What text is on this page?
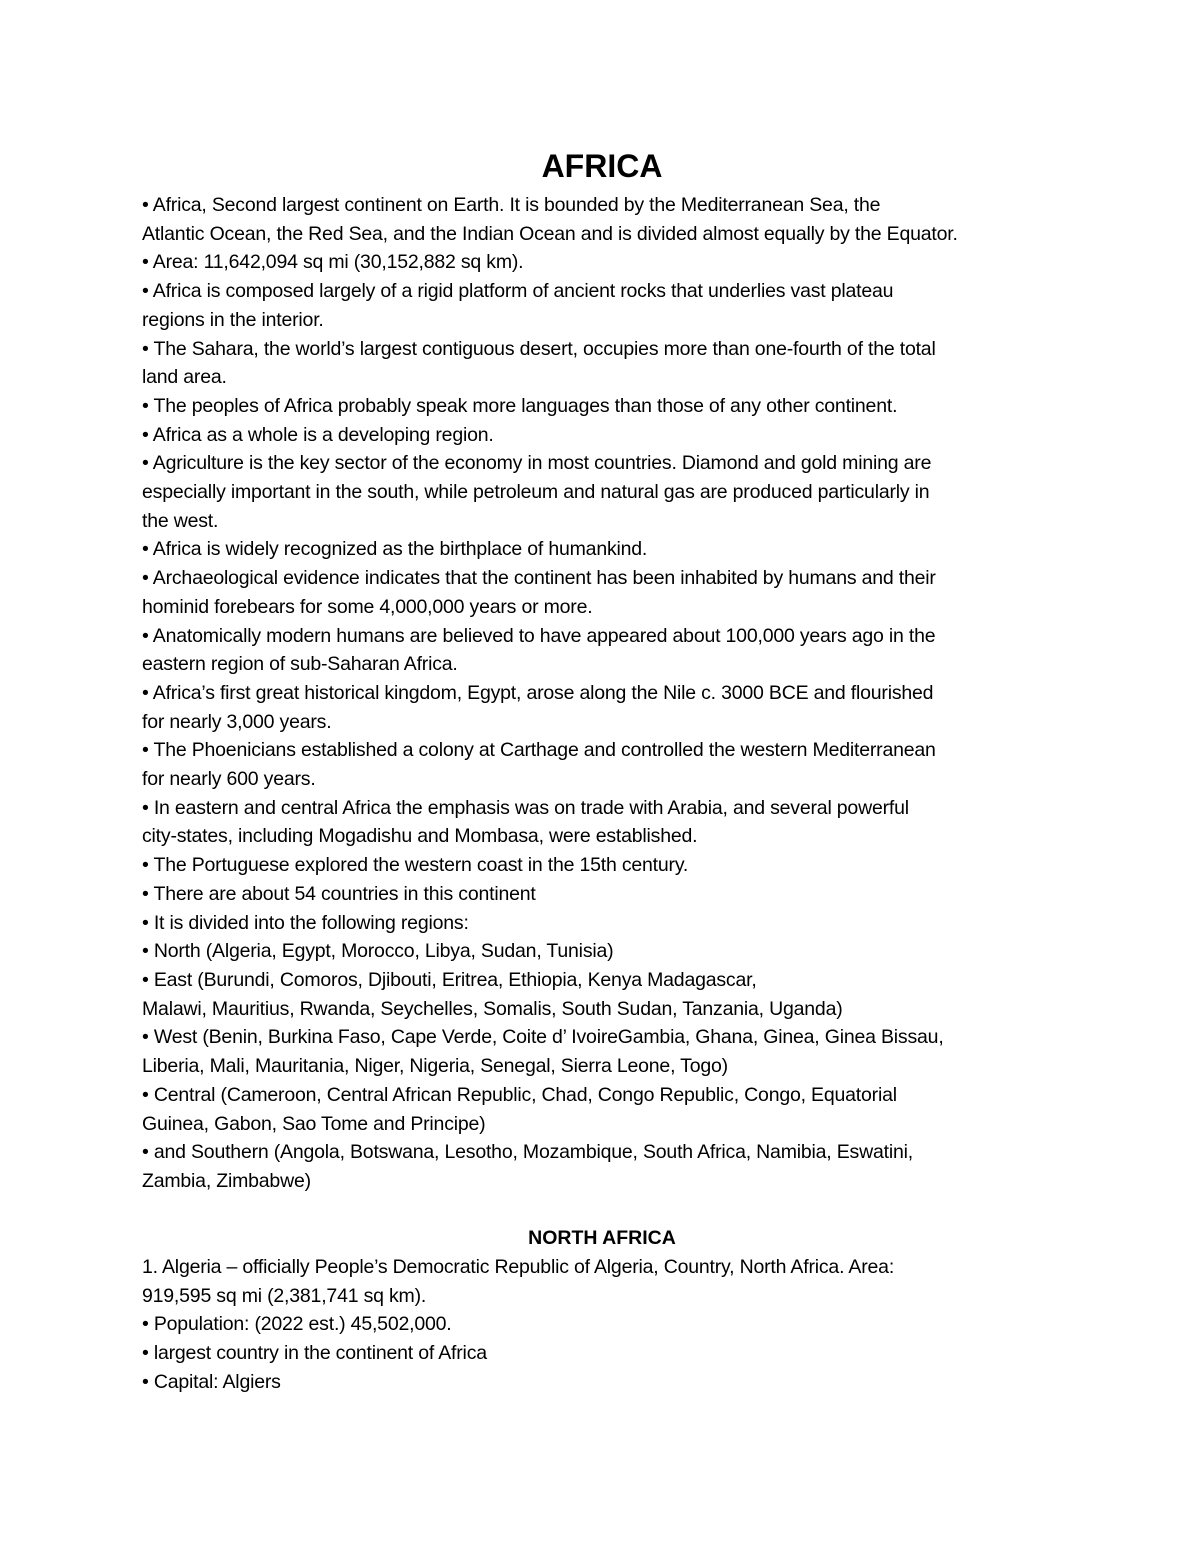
AFRICA
• Africa, Second largest continent on Earth. It is bounded by the Mediterranean Sea, the
Atlantic Ocean, the Red Sea, and the Indian Ocean and is divided almost equally by the Equator.
• Area: 11,642,094 sq mi (30,152,882 sq km).
• Africa is composed largely of a rigid platform of ancient rocks that underlies vast plateau
regions in the interior.
• The Sahara, the world’s largest contiguous desert, occupies more than one-fourth of the total
land area.
• The peoples of Africa probably speak more languages than those of any other continent.
• Africa as a whole is a developing region.
• Agriculture is the key sector of the economy in most countries. Diamond and gold mining are
especially important in the south, while petroleum and natural gas are produced particularly in
the west.
• Africa is widely recognized as the birthplace of humankind.
• Archaeological evidence indicates that the continent has been inhabited by humans and their
hominid forebears for some 4,000,000 years or more.
• Anatomically modern humans are believed to have appeared about 100,000 years ago in the
eastern region of sub-Saharan Africa.
• Africa’s first great historical kingdom, Egypt, arose along the Nile c. 3000 BCE and flourished
for nearly 3,000 years.
• The Phoenicians established a colony at Carthage and controlled the western Mediterranean
for nearly 600 years.
• In eastern and central Africa the emphasis was on trade with Arabia, and several powerful
city-states, including Mogadishu and Mombasa, were established.
• The Portuguese explored the western coast in the 15th century.
• There are about 54 countries in this continent
• It is divided into the following regions:
• North (Algeria, Egypt, Morocco, Libya, Sudan, Tunisia)
• East (Burundi, Comoros, Djibouti, Eritrea, Ethiopia, Kenya Madagascar,
Malawi, Mauritius, Rwanda, Seychelles, Somalis, South Sudan, Tanzania, Uganda)
• West (Benin, Burkina Faso, Cape Verde, Coite d’ IvoireGambia, Ghana, Ginea, Ginea Bissau,
Liberia, Mali, Mauritania, Niger, Nigeria, Senegal, Sierra Leone, Togo)
• Central (Cameroon, Central African Republic, Chad, Congo Republic, Congo, Equatorial
Guinea, Gabon, Sao Tome and Principe)
• and Southern (Angola, Botswana, Lesotho, Mozambique, South Africa, Namibia, Eswatini,
Zambia, Zimbabwe)

NORTH AFRICA

1. Algeria – officially People’s Democratic Republic of Algeria, Country, North Africa. Area:
919,595 sq mi (2,381,741 sq km).
• Population: (2022 est.) 45,502,000.
• largest country in the continent of Africa
• Capital: Algiers
